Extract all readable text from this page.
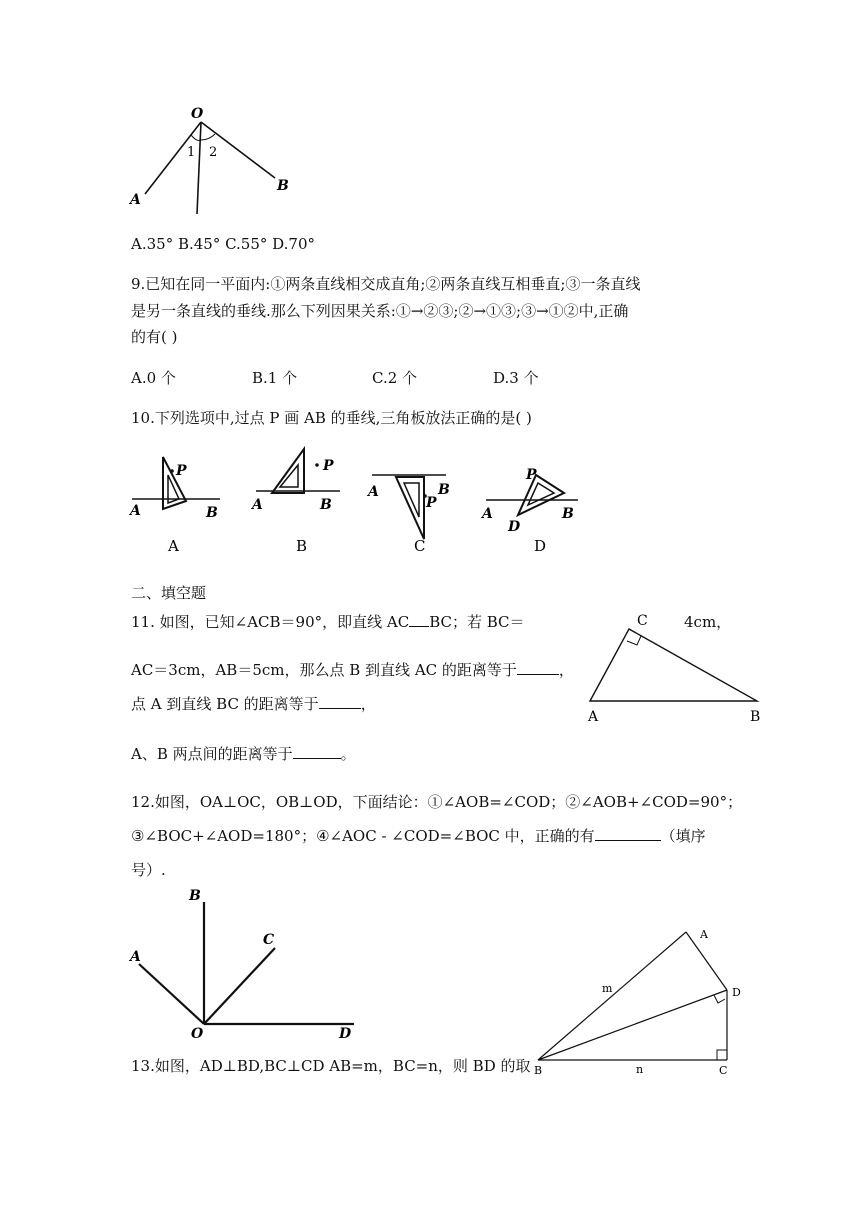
O
A
B
1 2
A.35° B.45° C.55° D.70°
9.已知在同一平面内:①两条直线相交成直角;②两条直线互相垂直;③一条直线
是另一条直线的垂线.那么下列因果关系:①→②③;②→①③;③→①②中,正确
的有( )
A.0 个	B.1 个	C.2 个	D.3 个
10.下列选项中,过点 P 画 AB 的垂线,三角板放法正确的是( )
P
A	B
A
P
A	B
B
P
A	B
C
P
A	B
D
D
二、填空题
11. 如图，已知∠ACB＝90°，即直线 AC BC；若 BC＝	4cm，
AC＝3cm，AB＝5cm，那么点 B 到直线 AC 的距离等于	，
点 A 到直线 BC 的距离等于	，
A、B 两点间的距离等于	。
C
A	B
12.如图，OA⊥OC，OB⊥OD，下面结论：①∠AOB=∠COD；②∠AOB+∠COD=90°；
③∠BOC+∠AOD=180°；④∠AOC - ∠COD=∠BOC 中，正确的有	（填序
号）.
B
A
C
O	D
13.如图，AD⊥BD,BC⊥CD AB=m，BC=n，则 BD 的取
A
D
B	C
m
n
